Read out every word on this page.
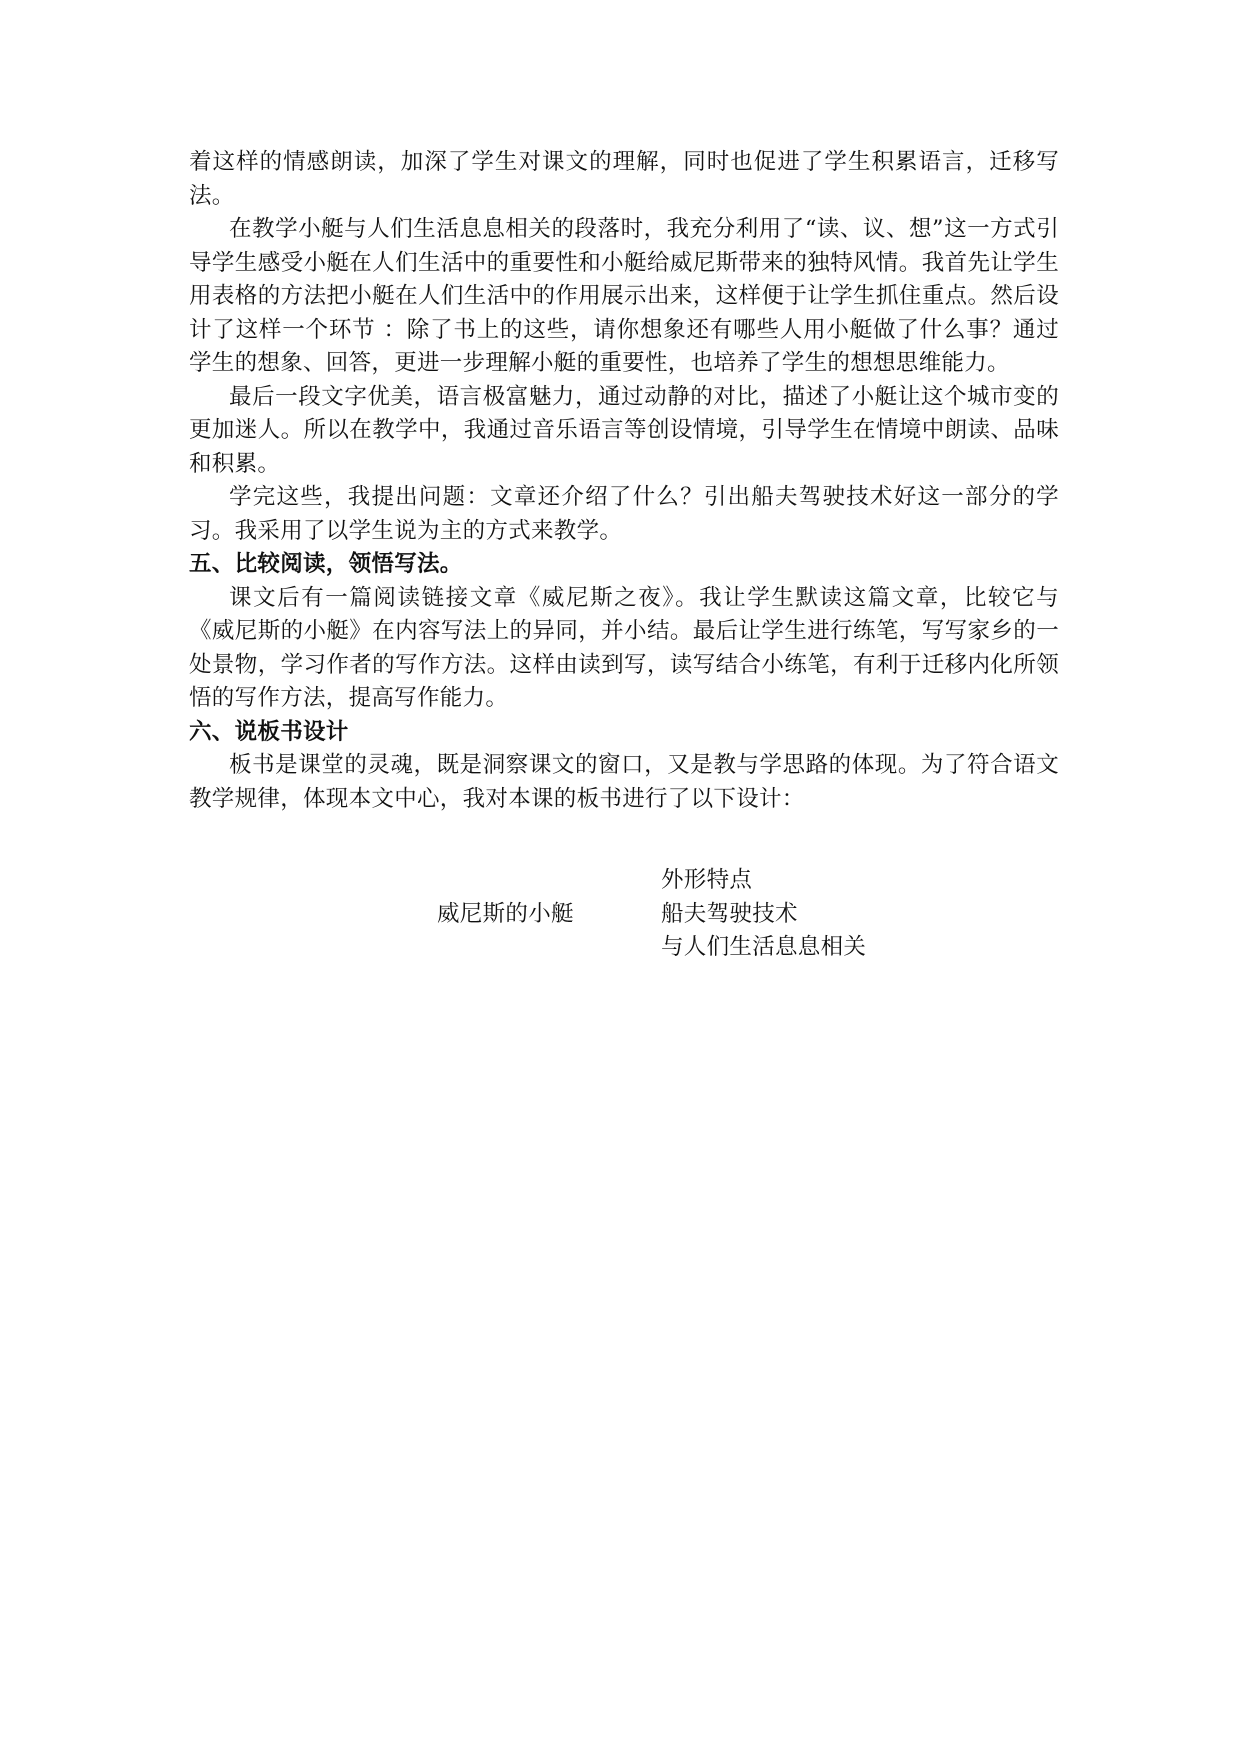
着这样的情感朗读，加深了学生对课文的理解，同时也促进了学生积累语言，迁移写法。

在教学小艇与人们生活息息相关的段落时，我充分利用了“读、议、想”这一方式引导学生感受小艇在人们生活中的重要性和小艇给威尼斯带来的独特风情。我首先让学生用表格的方法把小艇在人们生活中的作用展示出来，这样便于让学生抓住重点。然后设计了这样一个环节 ：除了书上的这些，请你想象还有哪些人用小艇做了什么事？通过学生的想象、回答，更进一步理解小艇的重要性，也培养了学生的想想思维能力。

最后一段文字优美，语言极富魅力，通过动静的对比，描述了小艇让这个城市变的更加迷人。所以在教学中，我通过音乐语言等创设情境，引导学生在情境中朗读、品味和积累。

学完这些，我提出问题：文章还介绍了什么？引出船夫驾驶技术好这一部分的学习。我采用了以学生说为主的方式来教学。

五、比较阅读，领悟写法。

课文后有一篇阅读链接文章《威尼斯之夜》。我让学生默读这篇文章，比较它与《威尼斯的小艇》在内容写法上的异同，并小结。最后让学生进行练笔，写写家乡的一处景物，学习作者的写作方法。这样由读到写，读写结合小练笔，有利于迁移内化所领悟的写作方法，提高写作能力。

六、说板书设计

板书是课堂的灵魂，既是洞察课文的窗口，又是教与学思路的体现。为了符合语文教学规律，体现本文中心，我对本课的板书进行了以下设计：

威尼斯的小艇
外形特点
船夫驾驶技术
与人们生活息息相关
